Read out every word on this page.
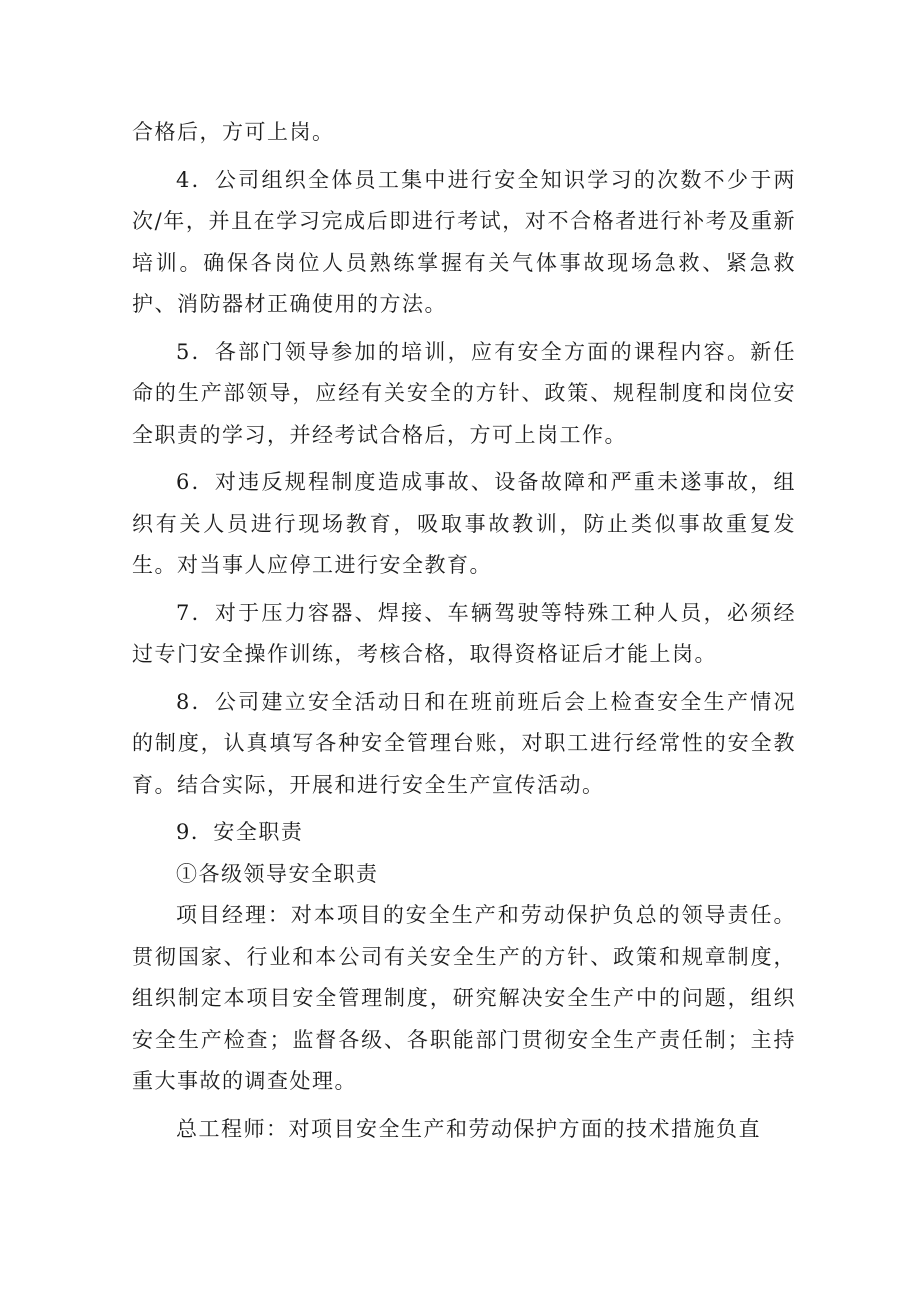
合格后，方可上岗。

4．公司组织全体员工集中进行安全知识学习的次数不少于两次/年，并且在学习完成后即进行考试，对不合格者进行补考及重新培训。确保各岗位人员熟练掌握有关气体事故现场急救、紧急救护、消防器材正确使用的方法。

5．各部门领导参加的培训，应有安全方面的课程内容。新任命的生产部领导，应经有关安全的方针、政策、规程制度和岗位安全职责的学习，并经考试合格后，方可上岗工作。

6．对违反规程制度造成事故、设备故障和严重未遂事故，组织有关人员进行现场教育，吸取事故教训，防止类似事故重复发生。对当事人应停工进行安全教育。

7．对于压力容器、焊接、车辆驾驶等特殊工种人员，必须经过专门安全操作训练，考核合格，取得资格证后才能上岗。

8．公司建立安全活动日和在班前班后会上检查安全生产情况的制度，认真填写各种安全管理台账，对职工进行经常性的安全教育。结合实际，开展和进行安全生产宣传活动。

9．安全职责

①各级领导安全职责

项目经理：对本项目的安全生产和劳动保护负总的领导责任。贯彻国家、行业和本公司有关安全生产的方针、政策和规章制度，组织制定本项目安全管理制度，研究解决安全生产中的问题，组织安全生产检查；监督各级、各职能部门贯彻安全生产责任制；主持重大事故的调查处理。

总工程师：对项目安全生产和劳动保护方面的技术措施负直
